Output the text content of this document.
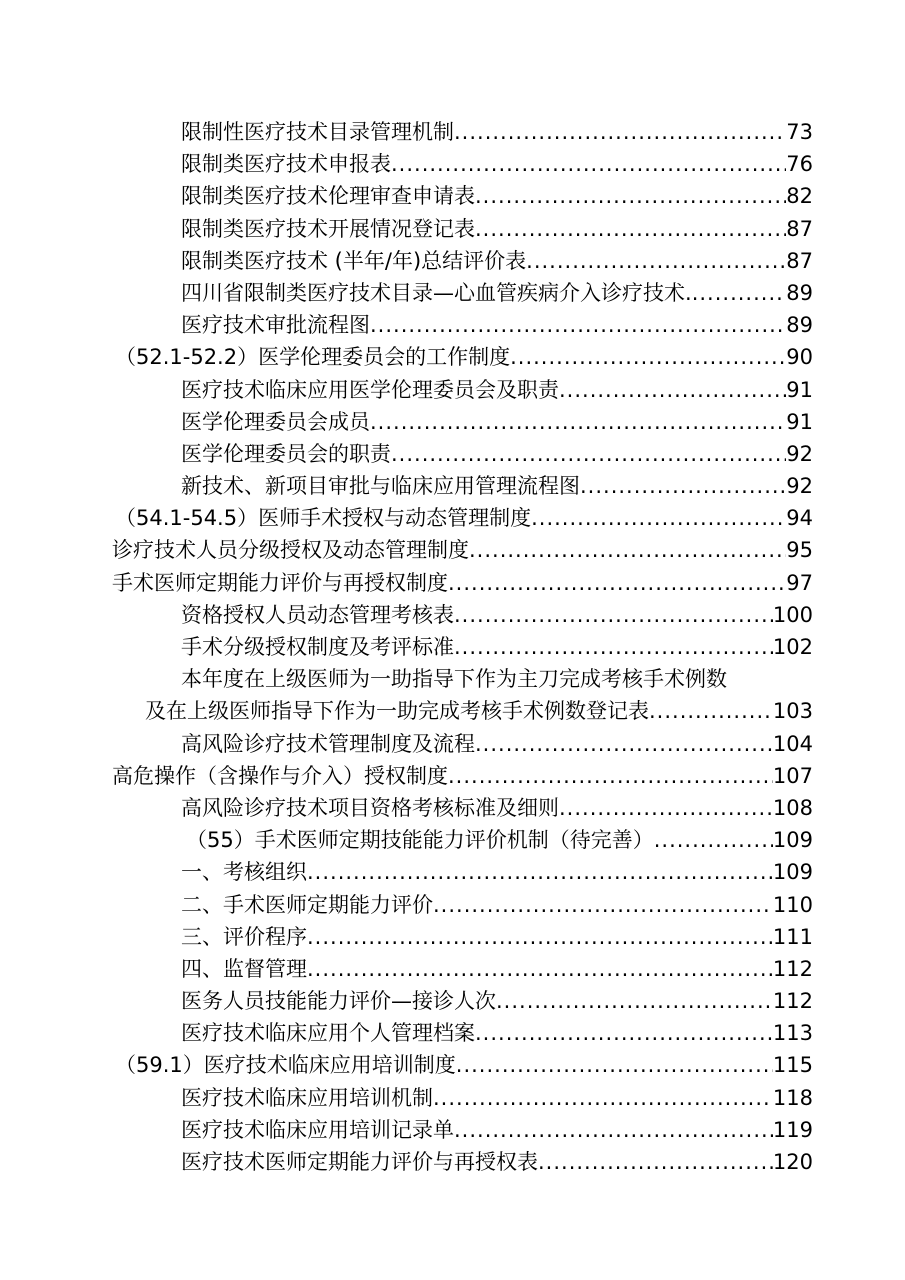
限制性医疗技术目录管理机制 .....	73
限制类医疗技术申报表 .....	76
限制类医疗技术伦理审查申请表 .....	82
限制类医疗技术开展情况登记表 .....	87
限制类医疗技术 (半年/年)总结评价表 .....	87
四川省限制类医疗技术目录—心血管疾病介入诊疗技术. .....	89
医疗技术审批流程图 .....	89
（52.1-52.2）医学伦理委员会的工作制度 .....	90
医疗技术临床应用医学伦理委员会及职责 .....	91
医学伦理委员会成员 .....	91
医学伦理委员会的职责 .....	92
新技术、新项目审批与临床应用管理流程图 .....	92
（54.1-54.5）医师手术授权与动态管理制度 .....	94
诊疗技术人员分级授权及动态管理制度 .....	95
手术医师定期能力评价与再授权制度 .....	97
资格授权人员动态管理考核表 .....	100
手术分级授权制度及考评标准 .....	102
本年度在上级医师为一助指导下作为主刀完成考核手术例数
及在上级医师指导下作为一助完成考核手术例数登记表 .....	103
高风险诊疗技术管理制度及流程 .....	104
高危操作（含操作与介入）授权制度 .....	107
高风险诊疗技术项目资格考核标准及细则 .....	108
（55）手术医师定期技能能力评价机制（待完善） .....	109
一、考核组织 .....	109
二、手术医师定期能力评价 .....	110
三、评价程序 .....	111
四、监督管理 .....	112
医务人员技能能力评价—接诊人次 .....	112
医疗技术临床应用个人管理档案 .....	113
（59.1）医疗技术临床应用培训制度 .....	115
医疗技术临床应用培训机制 .....	118
医疗技术临床应用培训记录单 .....	119
医疗技术医师定期能力评价与再授权表 .....	120
